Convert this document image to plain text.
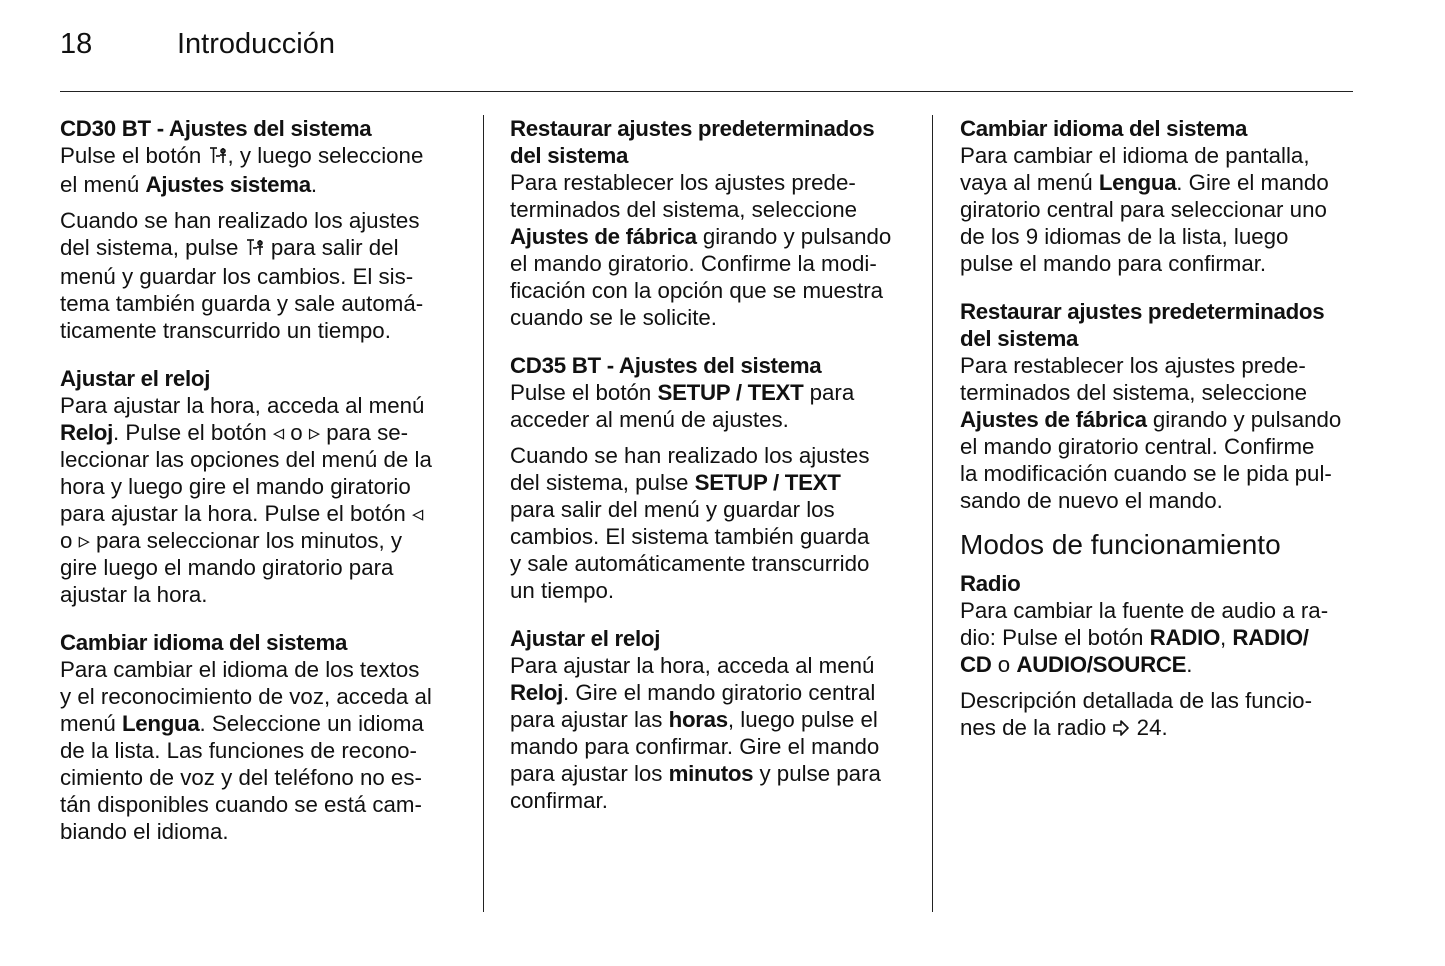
18	Introducción
CD30 BT - Ajustes del sistema
Pulse el botón , y luego seleccione
el menú Ajustes sistema.
Cuando se han realizado los ajustes
del sistema, pulse  para salir del
menú y guardar los cambios. El sis-
tema también guarda y sale automá-
ticamente transcurrido un tiempo.
Ajustar el reloj
Para ajustar la hora, acceda al menú
Reloj. Pulse el botón ◃ o ▹ para se-
leccionar las opciones del menú de la
hora y luego gire el mando giratorio
para ajustar la hora. Pulse el botón ◃
o ▹ para seleccionar los minutos, y
gire luego el mando giratorio para
ajustar la hora.
Cambiar idioma del sistema
Para cambiar el idioma de los textos
y el reconocimiento de voz, acceda al
menú Lengua. Seleccione un idioma
de la lista. Las funciones de recono-
cimiento de voz y del teléfono no es-
tán disponibles cuando se está cam-
biando el idioma.
Restaurar ajustes predeterminados
del sistema
Para restablecer los ajustes prede-
terminados del sistema, seleccione
Ajustes de fábrica girando y pulsando
el mando giratorio. Confirme la modi-
ficación con la opción que se muestra
cuando se le solicite.
CD35 BT - Ajustes del sistema
Pulse el botón SETUP / TEXT para
acceder al menú de ajustes.
Cuando se han realizado los ajustes
del sistema, pulse SETUP / TEXT
para salir del menú y guardar los
cambios. El sistema también guarda
y sale automáticamente transcurrido
un tiempo.
Ajustar el reloj
Para ajustar la hora, acceda al menú
Reloj. Gire el mando giratorio central
para ajustar las horas, luego pulse el
mando para confirmar. Gire el mando
para ajustar los minutos y pulse para
confirmar.
Cambiar idioma del sistema
Para cambiar el idioma de pantalla,
vaya al menú Lengua. Gire el mando
giratorio central para seleccionar uno
de los 9 idiomas de la lista, luego
pulse el mando para confirmar.
Restaurar ajustes predeterminados
del sistema
Para restablecer los ajustes prede-
terminados del sistema, seleccione
Ajustes de fábrica girando y pulsando
el mando giratorio central. Confirme
la modificación cuando se le pida pul-
sando de nuevo el mando.
Modos de funcionamiento
Radio
Para cambiar la fuente de audio a ra-
dio: Pulse el botón RADIO, RADIO/
CD o AUDIO/SOURCE.
Descripción detallada de las funcio-
nes de la radio  24.
